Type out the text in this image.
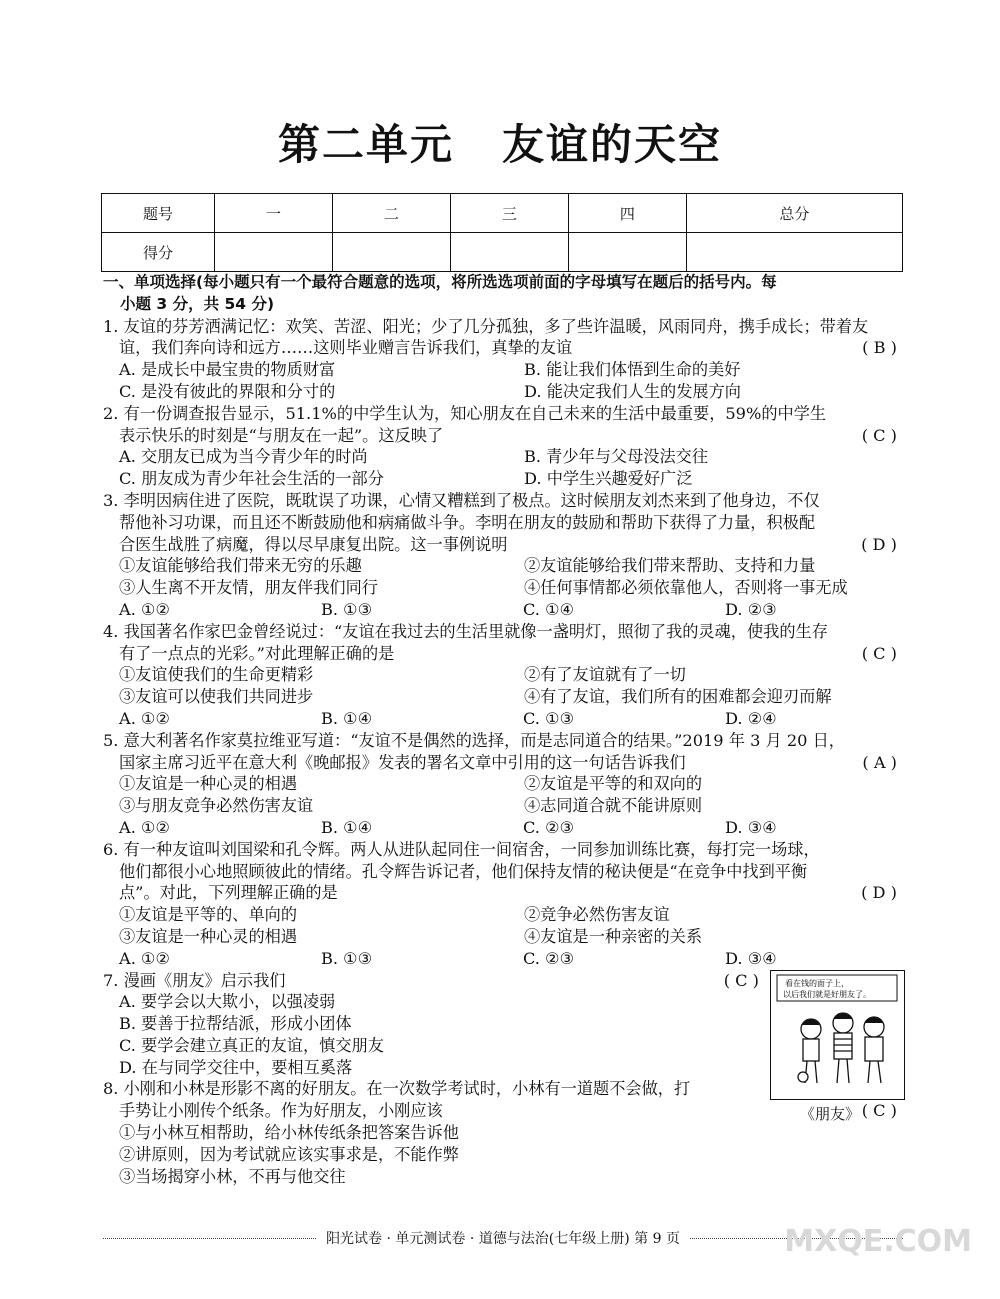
第二单元 友谊的天空
题号	一	二	三	四	总分
得分					
一、单项选择(每小题只有一个最符合题意的选项，将所选选项前面的字母填写在题后的括号内。每
小题 3 分，共 54 分)
1. 友谊的芬芳洒满记忆：欢笑、苦涩、阳光；少了几分孤独，多了些许温暖，风雨同舟，携手成长；带着友
谊，我们奔向诗和远方……这则毕业赠言告诉我们，真挚的友谊	( B )
A. 是成长中最宝贵的物质财富	B. 能让我们体悟到生命的美好
C. 是没有彼此的界限和分寸的	D. 能决定我们人生的发展方向
2. 有一份调查报告显示，51.1%的中学生认为，知心朋友在自己未来的生活中最重要，59%的中学生
表示快乐的时刻是“与朋友在一起”。这反映了	( C )
A. 交朋友已成为当今青少年的时尚	B. 青少年与父母没法交往
C. 朋友成为青少年社会生活的一部分	D. 中学生兴趣爱好广泛
3. 李明因病住进了医院，既耽误了功课，心情又糟糕到了极点。这时候朋友刘杰来到了他身边，不仅
帮他补习功课，而且还不断鼓励他和病痛做斗争。李明在朋友的鼓励和帮助下获得了力量，积极配
合医生战胜了病魔，得以尽早康复出院。这一事例说明	( D )
①友谊能够给我们带来无穷的乐趣	②友谊能够给我们带来帮助、支持和力量
③人生离不开友情，朋友伴我们同行	④任何事情都必须依靠他人，否则将一事无成
A. ①②	B. ①③	C. ①④	D. ②③
4. 我国著名作家巴金曾经说过：“友谊在我过去的生活里就像一盏明灯，照彻了我的灵魂，使我的生存
有了一点点的光彩。”对此理解正确的是	( C )
①友谊使我们的生命更精彩	②有了友谊就有了一切
③友谊可以使我们共同进步	④有了友谊，我们所有的困难都会迎刃而解
A. ①②	B. ①④	C. ①③	D. ②④
5. 意大利著名作家莫拉维亚写道：“友谊不是偶然的选择，而是志同道合的结果。”2019 年 3 月 20 日，
国家主席习近平在意大利《晚邮报》发表的署名文章中引用的这一句话告诉我们	( A )
①友谊是一种心灵的相遇	②友谊是平等的和双向的
③与朋友竞争必然伤害友谊	④志同道合就不能讲原则
A. ①②	B. ①④	C. ②③	D. ③④
6. 有一种友谊叫刘国梁和孔令辉。两人从进队起同住一间宿舍，一同参加训练比赛，每打完一场球，
他们都很小心地照顾彼此的情绪。孔令辉告诉记者，他们保持友情的秘诀便是“在竞争中找到平衡
点”。对此，下列理解正确的是	( D )
①友谊是平等的、单向的	②竞争必然伤害友谊
③友谊是一种心灵的相遇	④友谊是一种亲密的关系
A. ①②	B. ①③	C. ②③	D. ③④
7. 漫画《朋友》启示我们	( C )
A. 要学会以大欺小，以强凌弱
B. 要善于拉帮结派，形成小团体
C. 要学会建立真正的友谊，慎交朋友
D. 在与同学交往中，要相互奚落
8. 小刚和小林是形影不离的好朋友。在一次数学考试时，小林有一道题不会做，打
手势让小刚传个纸条。作为好朋友，小刚应该	( C )
①与小林互相帮助，给小林传纸条把答案告诉他
②讲原则，因为考试就应该实事求是，不能作弊
③当场揭穿小林，不再与他交往
看在钱的面子上，
以后我们就是好朋友了。
《朋友》
阳光试卷 · 单元测试卷 · 道德与法治(七年级上册) 第 9 页	MXQE.COM
